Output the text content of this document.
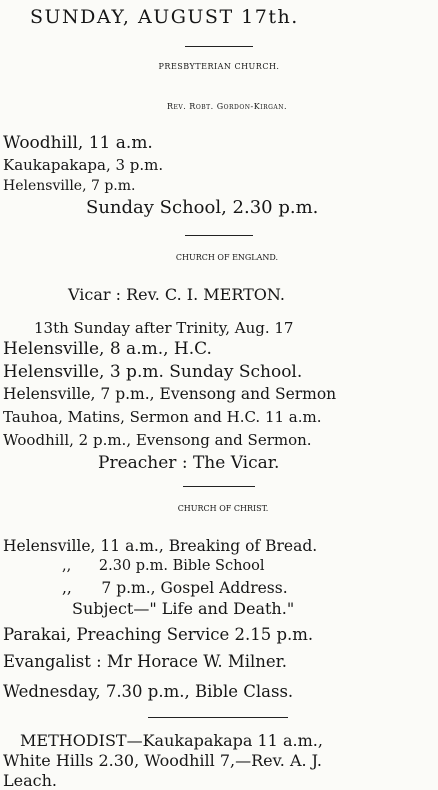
SUNDAY, AUGUST 17th.
PRESBYTERIAN CHURCH.
Rev. Robt. Gordon-Kirgan.
Woodhill, 11 a.m.
Kaukapakapa, 3 p.m.
Helensville, 7 p.m.
Sunday School, 2.30 p.m.
CHURCH OF ENGLAND.
Vicar : Rev. C. I. MERTON.
13th Sunday after Trinity, Aug. 17
Helensville, 8 a.m., H.C.
Helensville, 3 p.m. Sunday School.
Helensville, 7 p.m., Evensong and Sermon
Tauhoa, Matins, Sermon and H.C. 11 a.m.
Woodhill, 2 p.m., Evensong and Sermon.
Preacher : The Vicar.
CHURCH OF CHRIST.
Helensville, 11 a.m., Breaking of Bread.
,,      2.30 p.m. Bible School
,,      7 p.m., Gospel Address.
Subject—" Life and Death."
Parakai, Preaching Service 2.15 p.m.
Evangalist : Mr Horace W. Milner.
Wednesday, 7.30 p.m., Bible Class.
METHODIST—Kaukapakapa 11 a.m.,
White Hills 2.30, Woodhill 7,—Rev. A. J.
Leach.
